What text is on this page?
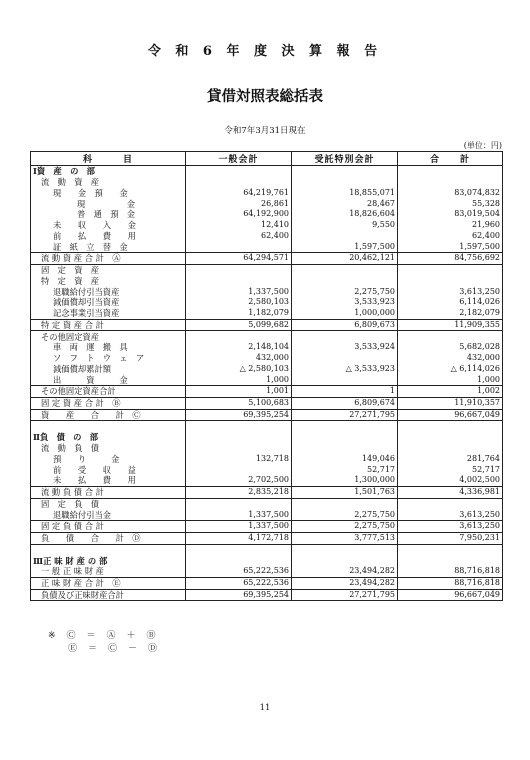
令 和 6 年 度 決 算 報 告
貸借対照表総括表
令和7年3月31日現在
(単位：円)
科　　　目	一般会計	受託特別会計	合　　計
Ⅰ資　産　の　部			
流　動　資　産			
現　　金　預　　金	64,219,761	18,855,071	83,074,832
現　　　　　金	26,861	28,467	55,328
普　通　預　金	64,192,900	18,826,604	83,019,504
未　　収　　入　　金	12,410	9,550	21,960
前　　払　　費　　用	62,400		62,400
証　紙　立　替　金		1,597,500	1,597,500
流 動 資 産 合 計　Ⓐ	64,294,571	20,462,121	84,756,692
固　定　資　産			
特　定　資　産			
退職給付引当資産	1,337,500	2,275,750	3,613,250
減価償却引当資産	2,580,103	3,533,923	6,114,026
記念事業引当資産	1,182,079	1,000,000	2,182,079
特 定 資 産 合 計	5,099,682	6,809,673	11,909,355
その他固定資産			
車　両　運　搬　具	2,148,104	3,533,924	5,682,028
ソ　フ　ト　ウ　ェ　ア	432,000		432,000
減価償却累計額	△ 2,580,103	△ 3,533,923	△ 6,114,026
出　　　資　　　金	1,000		1,000
その他固定資産合計	1,001	1	1,002
固 定 資 産 合 計　Ⓑ	5,100,683	6,809,674	11,910,357
資　　産　　合　　計　Ⓒ	69,395,254	27,271,795	96,667,049

Ⅱ負　債　の　部			
流　動　負　債			
預　　り　　　金	132,718	149,046	281,764
前　　受　　収　　益		52,717	52,717
未　　払　　費　　用	2,702,500	1,300,000	4,002,500
流 動 負 債 合 計	2,835,218	1,501,763	4,336,981
固　定　負　債			
退職給付引当金	1,337,500	2,275,750	3,613,250
固 定 負 債 合 計	1,337,500	2,275,750	3,613,250
負　　債　　合　　計　Ⓓ	4,172,718	3,777,513	7,950,231

Ⅲ正 味 財 産 の 部			
一 般 正 味 財 産	65,222,536	23,494,282	88,716,818
正 味 財 産 合 計　Ⓔ	65,222,536	23,494,282	88,716,818
負債及び正味財産合計	69,395,254	27,271,795	96,667,049
※　Ⓒ　＝　Ⓐ　＋　Ⓑ
　　Ⓔ　＝　Ⓒ　－　Ⓓ
11
